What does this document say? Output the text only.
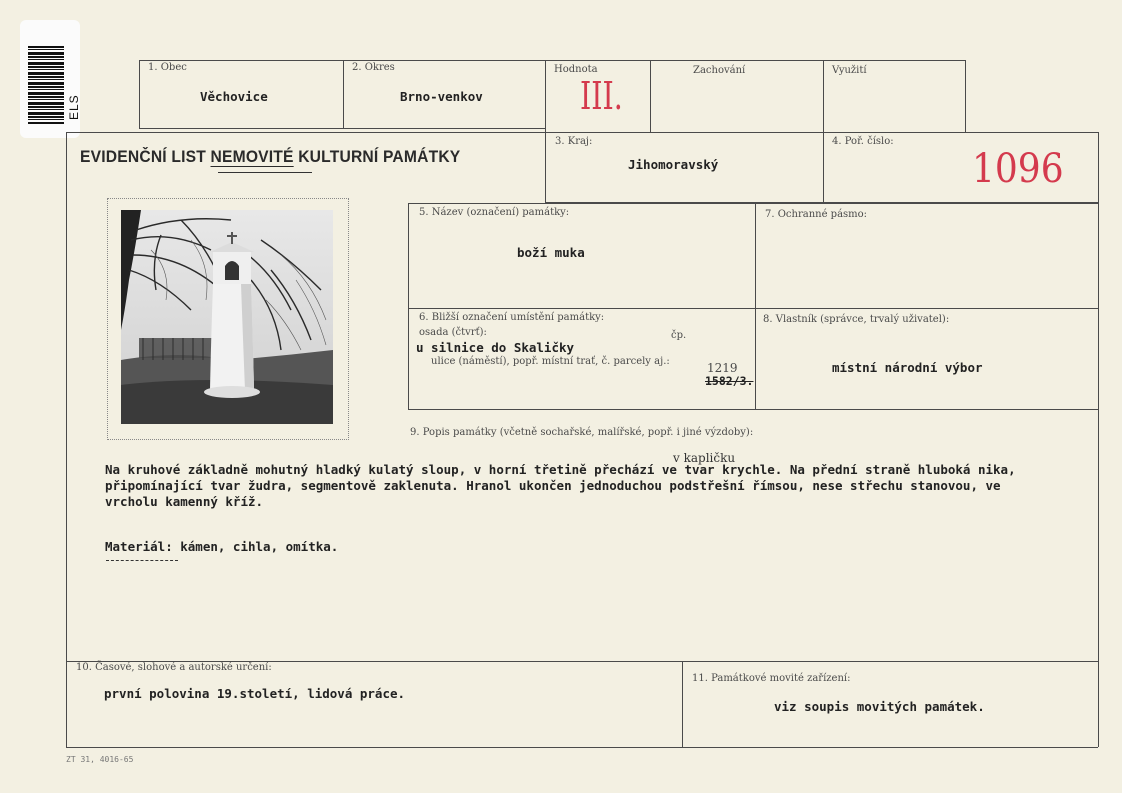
ELS
1. Obec
Věchovice
2. Okres
Brno-venkov
Hodnota
III.
Zachování	Využití
EVIDENČNÍ LIST NEMOVITÉ KULTURNÍ PAMÁTKY
3. Kraj:
Jihomoravský
4. Poř. číslo:
1096
5. Název (označení) památky:
boží muka
7. Ochranné pásmo:
6. Bližší označení umístění památky:
osada (čtvrť):	čp.
u silnice do Skaličky
ulice (náměstí), popř. místní trať, č. parcely aj.:	1219
1582/3.
8. Vlastník (správce, trvalý uživatel):
místní národní výbor
9. Popis památky (včetně sochařské, malířské, popř. i jiné výzdoby):
v kapličku
Na kruhové základně mohutný hladký kulatý sloup, v horní třetině přechází ve tvar krychle. Na přední straně hluboká nika,
připomínající tvar žudra, segmentově zaklenuta. Hranol ukončen jednoduchou podstřešní římsou, nese střechu stanovou, ve
vrcholu kamenný kříž.
Materiál: kámen, cihla, omítka.
10. Časové, slohové a autorské určení:
první polovina 19.století, lidová práce.
11. Památkové movité zařízení:
viz soupis movitých památek.
ZT 31, 4016-65
